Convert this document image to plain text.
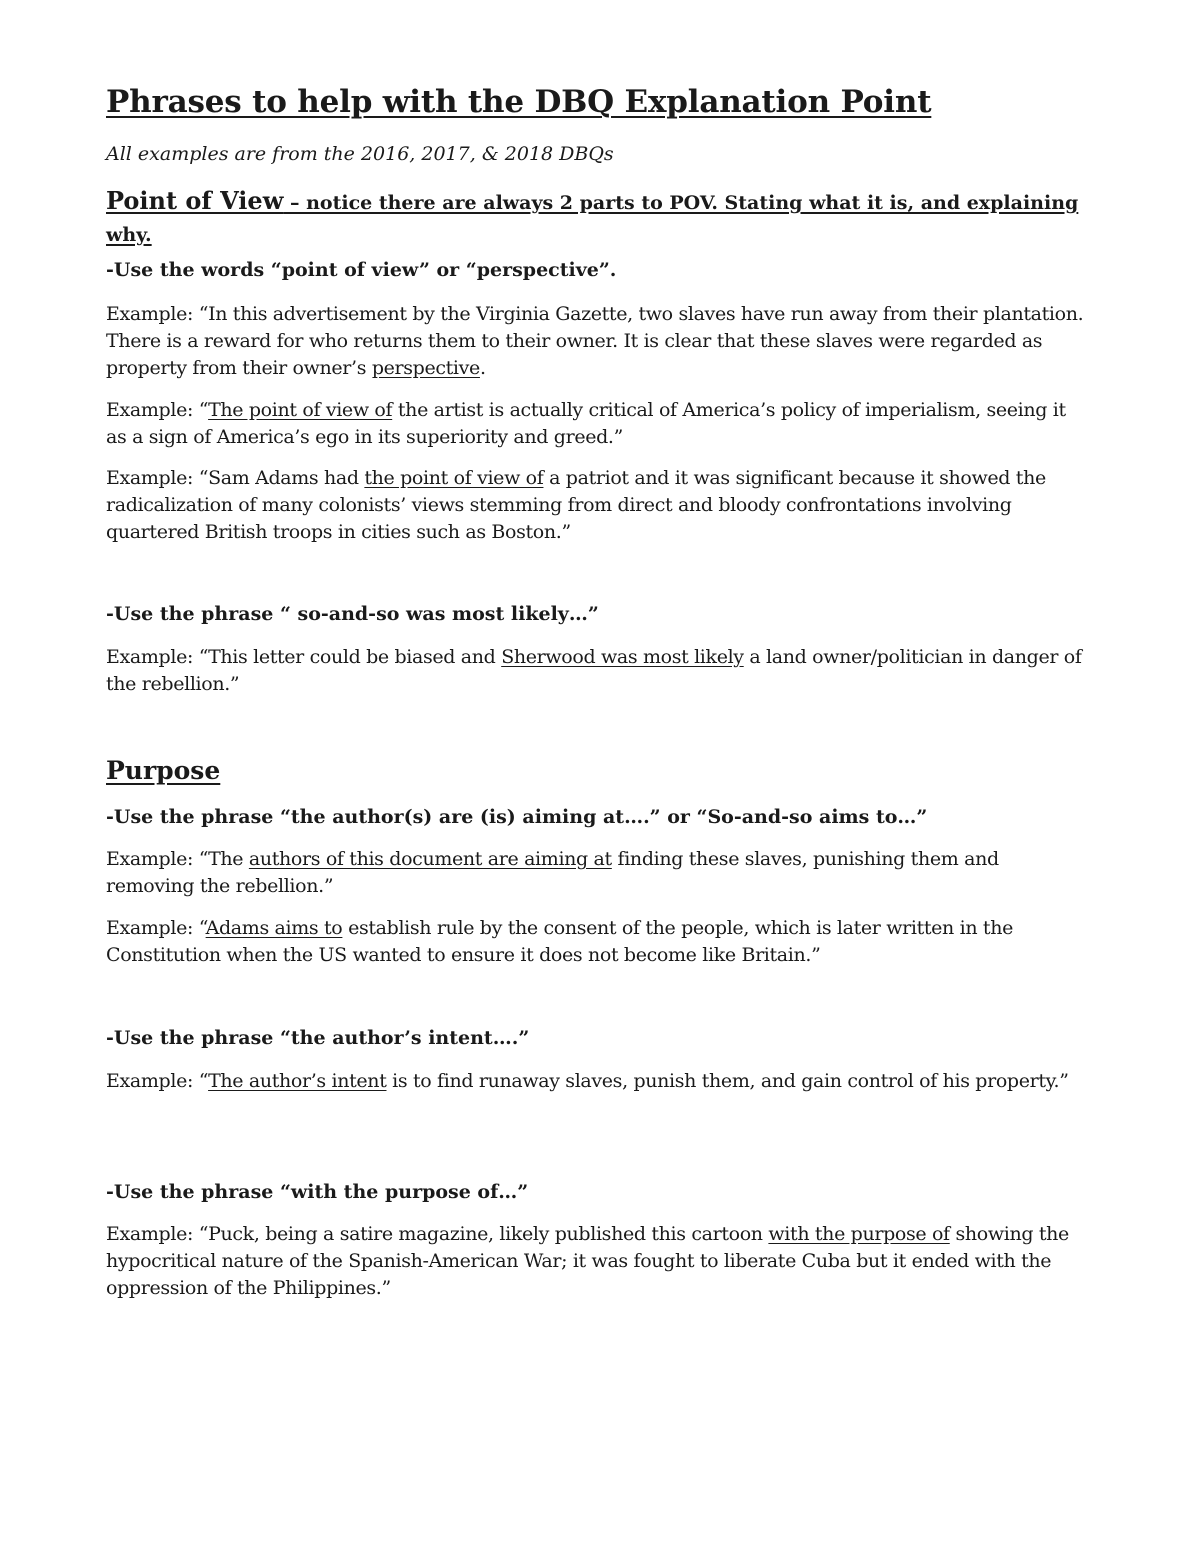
Phrases to help with the DBQ Explanation Point

All examples are from the 2016, 2017, & 2018 DBQs

Point of View – notice there are always 2 parts to POV. Stating what it is, and explaining why.

-Use the words “point of view” or “perspective”.

Example: “In this advertisement by the Virginia Gazette, two slaves have run away from their plantation. There is a reward for who returns them to their owner. It is clear that these slaves were regarded as property from their owner’s perspective.

Example: “The point of view of the artist is actually critical of America’s policy of imperialism, seeing it as a sign of America’s ego in its superiority and greed.”

Example: “Sam Adams had the point of view of a patriot and it was significant because it showed the radicalization of many colonists’ views stemming from direct and bloody confrontations involving quartered British troops in cities such as Boston.”

-Use the phrase “ so-and-so was most likely…”

Example: “This letter could be biased and Sherwood was most likely a land owner/politician in danger of the rebellion.”

Purpose

-Use the phrase “the author(s) are (is) aiming at….” or “So-and-so aims to…”

Example: “The authors of this document are aiming at finding these slaves, punishing them and removing the rebellion.”

Example: “Adams aims to establish rule by the consent of the people, which is later written in the Constitution when the US wanted to ensure it does not become like Britain.”

-Use the phrase “the author’s intent….”

Example: “The author’s intent is to find runaway slaves, punish them, and gain control of his property.”

-Use the phrase “with the purpose of…”

Example: “Puck, being a satire magazine, likely published this cartoon with the purpose of showing the hypocritical nature of the Spanish-American War; it was fought to liberate Cuba but it ended with the oppression of the Philippines.”
